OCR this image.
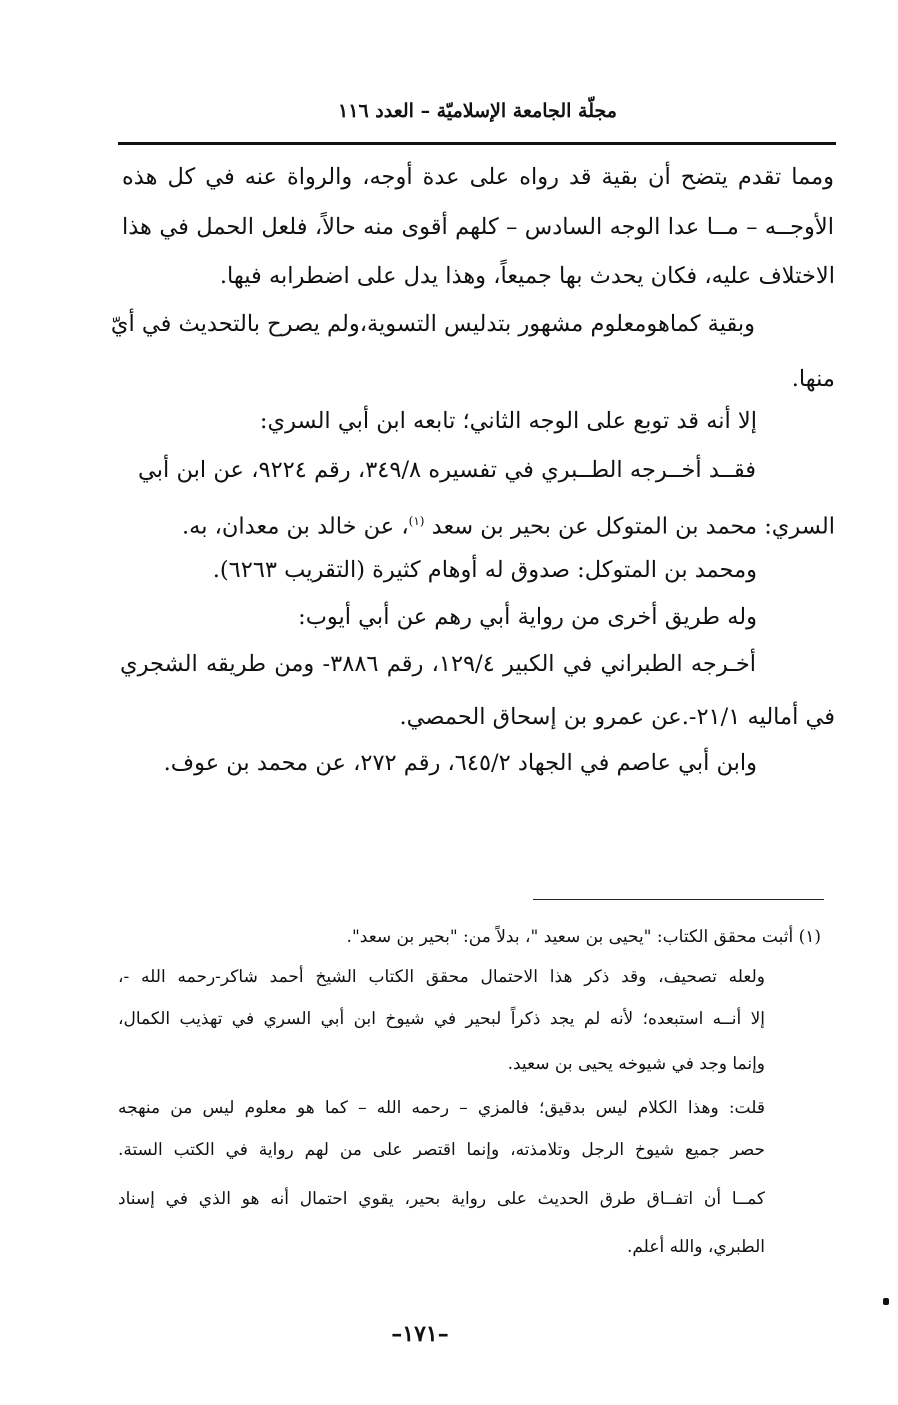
مجلّة الجامعة الإسلاميّة – العدد ١١٦
ومما تقدم يتضح أن بقية قد رواه على عدة أوجه، والرواة عنه في كل هذه
الأوجــه – مــا عدا الوجه السادس – كلهم أقوى منه حالاً، فلعل الحمل في هذا
الاختلاف عليه، فكان يحدث بها جميعاً، وهذا يدل على اضطرابه فيها.
وبقية كماهومعلوم مشهور بتدليس التسوية،ولم يصرح بالتحديث في أيّ
منها.
إلا أنه قد توبع على الوجه الثاني؛ تابعه ابن أبي السري:
فقــد أخــرجه الطــبري في تفسيره ٣٤٩/٨، رقم ٩٢٢٤، عن ابن أبي
السري: محمد بن المتوكل عن بحير بن سعد $^{(١)}$، عن خالد بن معدان، به.
ومحمد بن المتوكل: صدوق له أوهام كثيرة (التقريب ٦٢٦٣).
وله طريق أخرى من رواية أبي رهم عن أبي أيوب:
أخـرجه الطبراني في الكبير ١٢٩/٤، رقم ٣٨٨٦- ومن طريقه الشجري
في أماليه ٢١/١-.عن عمرو بن إسحاق الحمصي.
وابن أبي عاصم في الجهاد ٦٤٥/٢، رقم ٢٧٢، عن محمد بن عوف.
(١) أثبت محقق الكتاب: "يحيى بن سعيد "، بدلاً من: "بحير بن سعد".
ولعله تصحيف، وقد ذكر هذا الاحتمال محقق الكتاب الشيخ أحمد شاكر-رحمه الله -،
إلا أنــه استبعده؛ لأنه لم يجد ذكراً لبحير في شيوخ ابن أبي السري في تهذيب الكمال،
وإنما وجد في شيوخه يحيى بن سعيد.
قلت: وهذا الكلام ليس بدقيق؛ فالمزي – رحمه الله – كما هو معلوم ليس من منهجه
حصر جميع شيوخ الرجل وتلامذته، وإنما اقتصر على من لهم رواية في الكتب الستة.
كمــا أن اتفــاق طرق الحديث على رواية بحير، يقوي احتمال أنه هو الذي في إسناد
الطبري، والله أعلم.
–١٧١–
